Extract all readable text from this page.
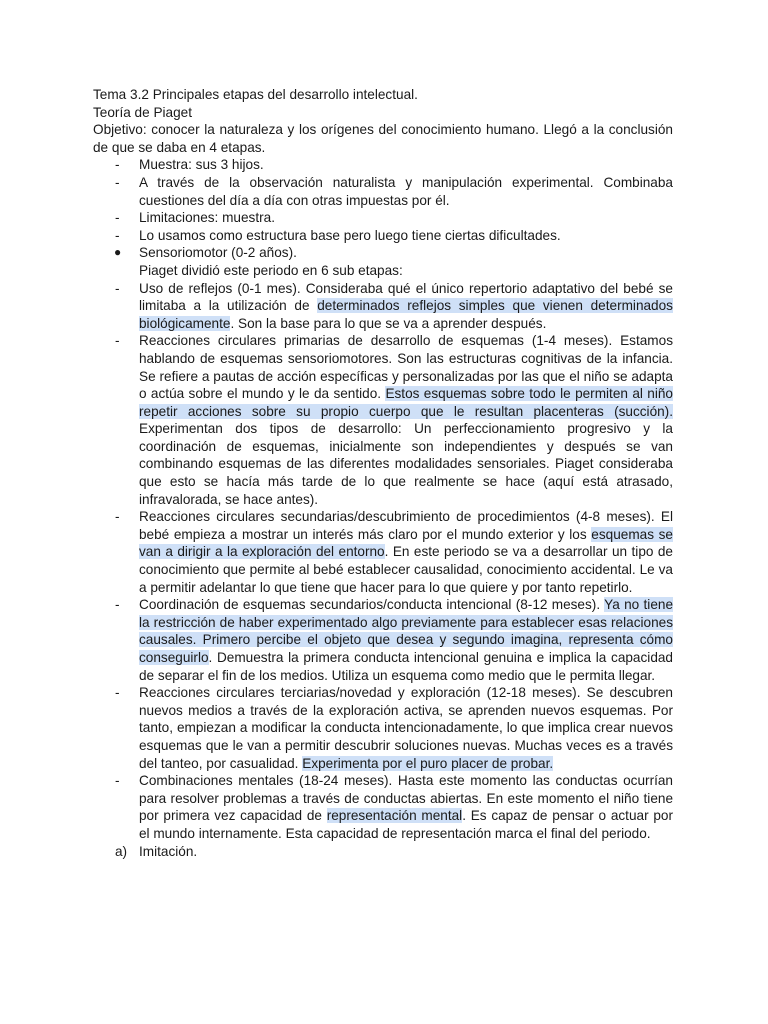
Tema 3.2 Principales etapas del desarrollo intelectual.

Teoría de Piaget

Objetivo: conocer la naturaleza y los orígenes del conocimiento humano. Llegó a la conclusión de que se daba en 4 etapas.

-	Muestra: sus 3 hijos.
-	A través de la observación naturalista y manipulación experimental. Combinaba cuestiones del día a día con otras impuestas por él.
-	Limitaciones: muestra.
-	Lo usamos como estructura base pero luego tiene ciertas dificultades.
●	Sensoriomotor (0-2 años).
Piaget dividió este periodo en 6 sub etapas:
-	Uso de reflejos (0-1 mes). Consideraba qué el único repertorio adaptativo del bebé se limitaba a la utilización de determinados reflejos simples que vienen determinados biológicamente. Son la base para lo que se va a aprender después.
-	Reacciones circulares primarias de desarrollo de esquemas (1-4 meses). Estamos hablando de esquemas sensoriomotores. Son las estructuras cognitivas de la infancia. Se refiere a pautas de acción específicas y personalizadas por las que el niño se adapta o actúa sobre el mundo y le da sentido. Estos esquemas sobre todo le permiten al niño repetir acciones sobre su propio cuerpo que le resultan placenteras (succión). Experimentan dos tipos de desarrollo: Un perfeccionamiento progresivo y la coordinación de esquemas, inicialmente son independientes y después se van combinando esquemas de las diferentes modalidades sensoriales. Piaget consideraba que esto se hacía más tarde de lo que realmente se hace (aquí está atrasado, infravalorada, se hace antes).
-	Reacciones circulares secundarias/descubrimiento de procedimientos (4-8 meses). El bebé empieza a mostrar un interés más claro por el mundo exterior y los esquemas se van a dirigir a la exploración del entorno. En este periodo se va a desarrollar un tipo de conocimiento que permite al bebé establecer causalidad, conocimiento accidental. Le va a permitir adelantar lo que tiene que hacer para lo que quiere y por tanto repetirlo.
-	Coordinación de esquemas secundarios/conducta intencional (8-12 meses). Ya no tiene la restricción de haber experimentado algo previamente para establecer esas relaciones causales. Primero percibe el objeto que desea y segundo imagina, representa cómo conseguirlo. Demuestra la primera conducta intencional genuina e implica la capacidad de separar el fin de los medios. Utiliza un esquema como medio que le permita llegar.
-	Reacciones circulares terciarias/novedad y exploración (12-18 meses). Se descubren nuevos medios a través de la exploración activa, se aprenden nuevos esquemas. Por tanto, empiezan a modificar la conducta intencionadamente, lo que implica crear nuevos esquemas que le van a permitir descubrir soluciones nuevas. Muchas veces es a través del tanteo, por casualidad. Experimenta por el puro placer de probar.
-	Combinaciones mentales (18-24 meses). Hasta este momento las conductas ocurrían para resolver problemas a través de conductas abiertas. En este momento el niño tiene por primera vez capacidad de representación mental. Es capaz de pensar o actuar por el mundo internamente. Esta capacidad de representación marca el final del periodo.
a) Imitación.
